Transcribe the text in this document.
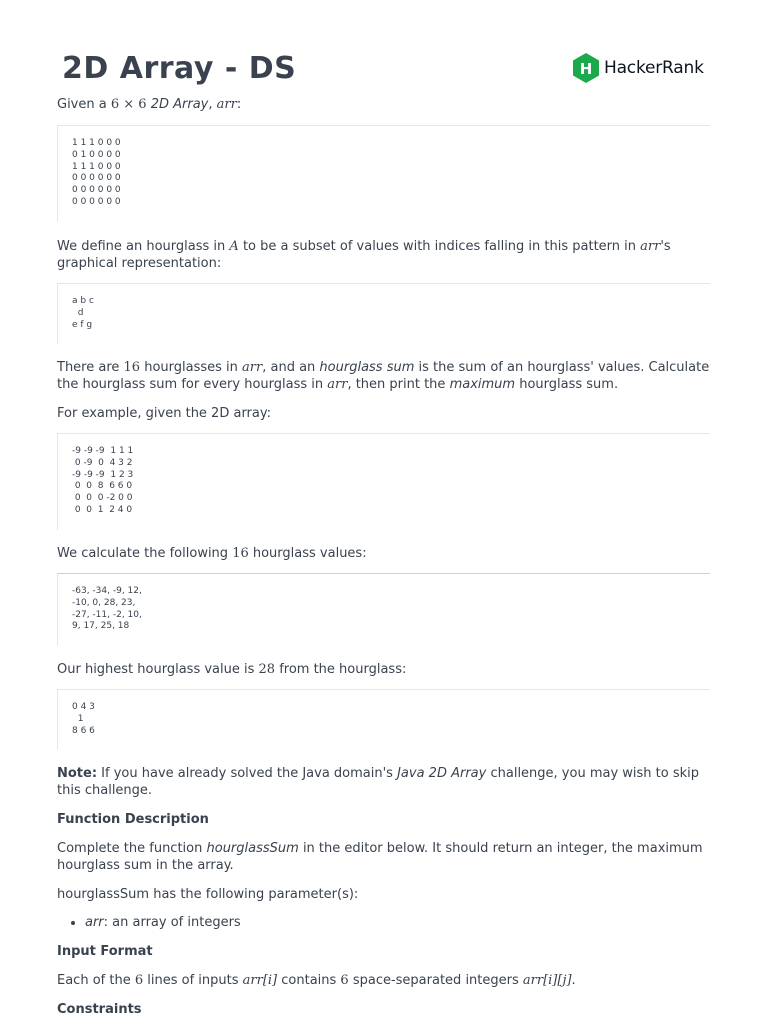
2D Array - DS	H HackerRank

Given a 6 × 6 2D Array, arr:

1 1 1 0 0 0
0 1 0 0 0 0
1 1 1 0 0 0
0 0 0 0 0 0
0 0 0 0 0 0
0 0 0 0 0 0

We define an hourglass in A to be a subset of values with indices falling in this pattern in arr's graphical representation:

a b c
d
e f g

There are 16 hourglasses in arr, and an hourglass sum is the sum of an hourglass' values. Calculate the hourglass sum for every hourglass in arr, then print the maximum hourglass sum.

For example, given the 2D array:

-9 -9 -9  1 1 1
0 -9  0  4 3 2
-9 -9 -9  1 2 3
0  0  8  6 6 0
0  0  0 -2 0 0
0  0  1  2 4 0

We calculate the following 16 hourglass values:

-63, -34, -9, 12,
-10, 0, 28, 23,
-27, -11, -2, 10,
9, 17, 25, 18

Our highest hourglass value is 28 from the hourglass:

0 4 3
1
8 6 6

Note: If you have already solved the Java domain's Java 2D Array challenge, you may wish to skip this challenge.

Function Description

Complete the function hourglassSum in the editor below. It should return an integer, the maximum hourglass sum in the array.

hourglassSum has the following parameter(s):

• arr: an array of integers

Input Format

Each of the 6 lines of inputs arr[i] contains 6 space-separated integers arr[i][j].

Constraints
